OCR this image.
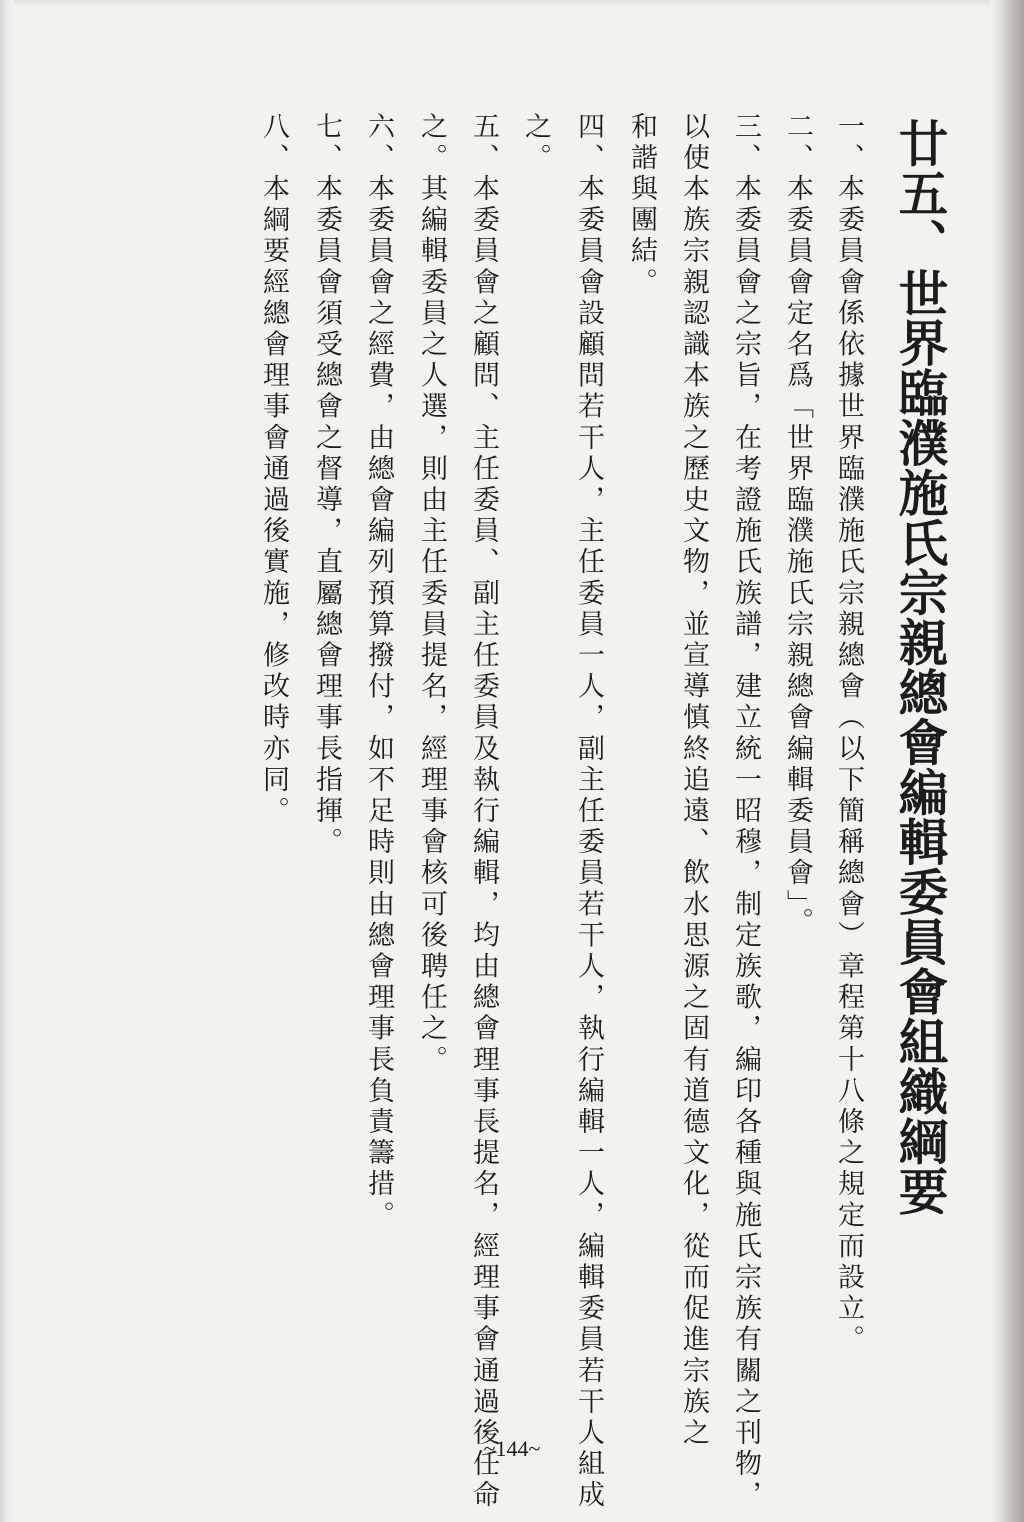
廿五、世界臨濮施氏宗親總會編輯委員會組織綱要
一、本委員會係依據世界臨濮施氏宗親總會（以下簡稱總會）章程第十八條之規定而設立。
二、本委員會定名爲「世界臨濮施氏宗親總會編輯委員會」。
三、本委員會之宗旨，在考證施氏族譜，建立統一昭穆，制定族歌，編印各種與施氏宗族有關之刊物，
以使本族宗親認識本族之歷史文物，並宣導慎終追遠、飲水思源之固有道德文化，從而促進宗族之
和諧與團結。
四、本委員會設顧問若干人，主任委員一人，副主任委員若干人，執行編輯一人，編輯委員若干人組成
之。
五、本委員會之顧問、主任委員、副主任委員及執行編輯，均由總會理事長提名，經理事會通過後任命
之。其編輯委員之人選，則由主任委員提名，經理事會核可後聘任之。
六、本委員會之經費，由總會編列預算撥付，如不足時則由總會理事長負責籌措。
七、本委員會須受總會之督導，直屬總會理事長指揮。
八、本綱要經總會理事會通過後實施，修改時亦同。
~144~
